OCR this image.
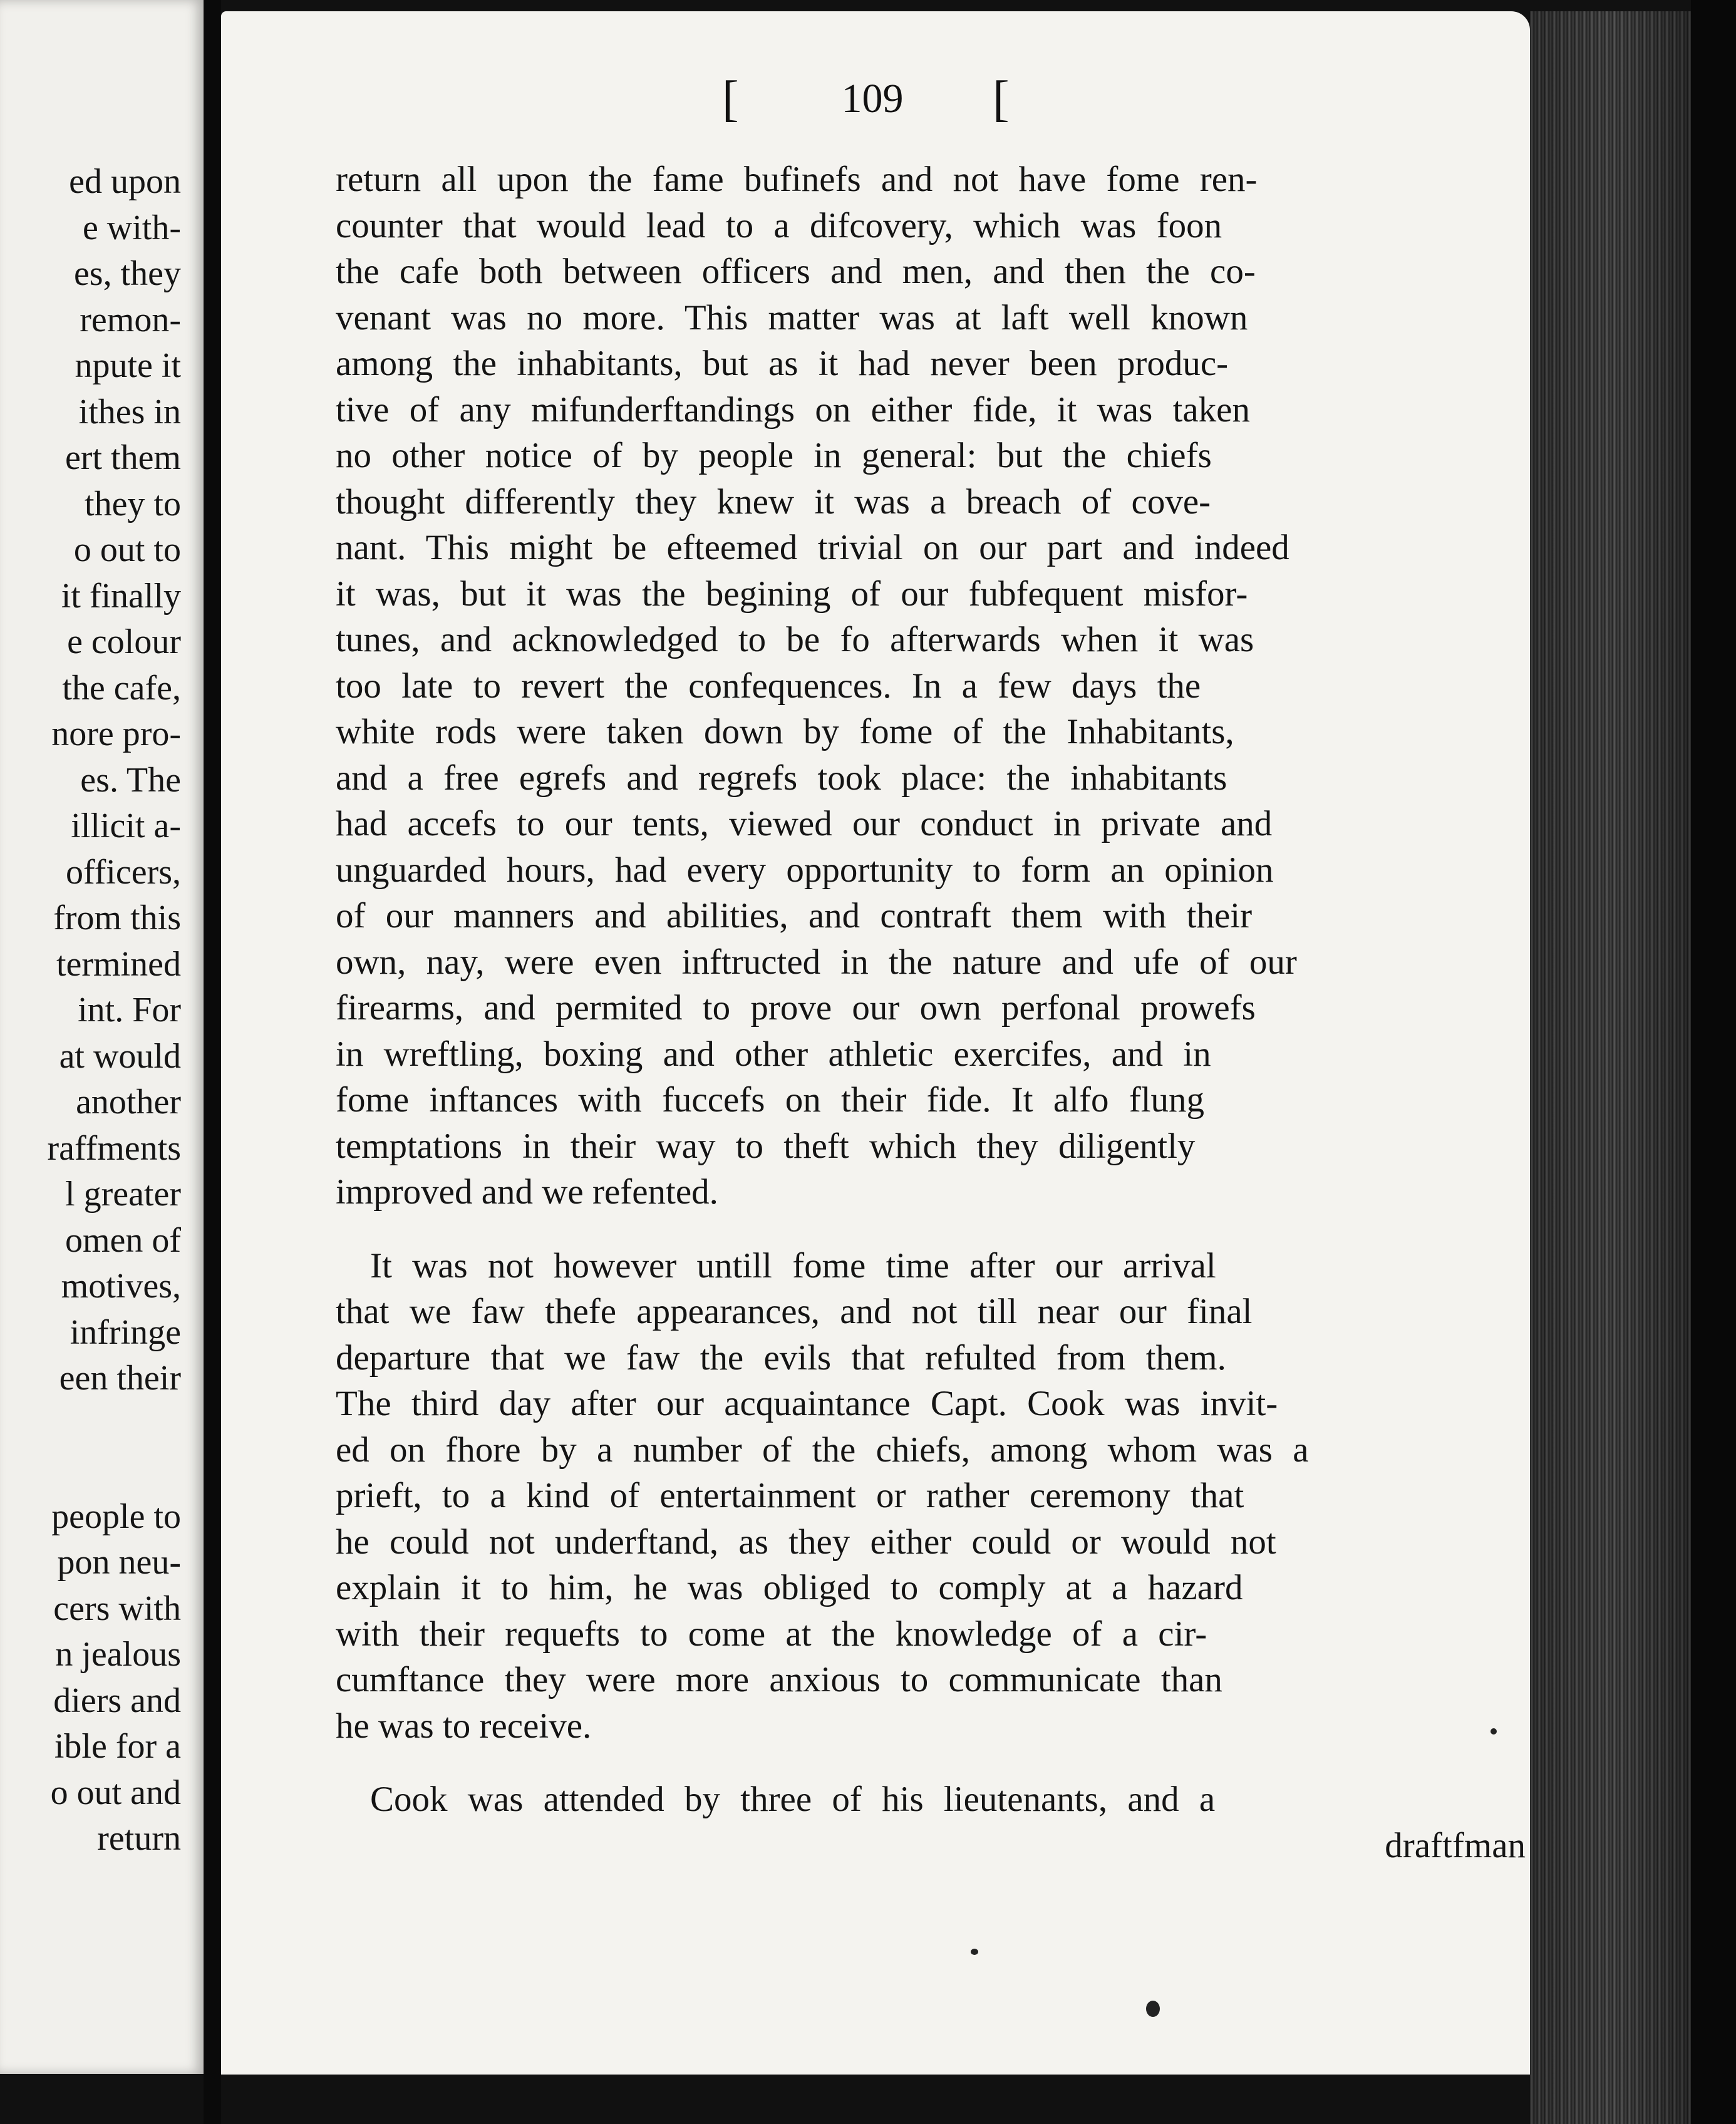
ed upon
e with-
es, they
remon-
npute it
ithes in
ert them
they to
o out to
it finally
e colour
the cafe,
nore pro-
es. The
illicit a-
officers,
from this
termined
int. For
at would
another
raffments
l greater
omen of
motives,
infringe
een their
people to
pon neu-
cers with
n jealous
diers and
ible for a
o out and
return
[	109	[
return all upon the fame bufinefs and not have fome ren-
counter that would lead to a difcovery, which was foon
the cafe both between officers and men, and then the co-
venant was no more. This matter was at laft well known
among the inhabitants, but as it had never been produc-
tive of any mifunderftandings on either fide, it was taken
no other notice of by people in general: but the chiefs
thought differently they knew it was a breach of cove-
nant. This might be efteemed trivial on our part and indeed
it was, but it was the begining of our fubfequent misfor-
tunes, and acknowledged to be fo afterwards when it was
too late to revert the confequences. In a few days the
white rods were taken down by fome of the Inhabitants,
and a free egrefs and regrefs took place: the inhabitants
had accefs to our tents, viewed our conduct in private and
unguarded hours, had every opportunity to form an opinion
of our manners and abilities, and contraft them with their
own, nay, were even inftructed in the nature and ufe of our
firearms, and permited to prove our own perfonal prowefs
in wreftling, boxing and other athletic exercifes, and in
fome inftances with fuccefs on their fide. It alfo flung
temptations in their way to theft which they diligently
improved and we refented.
It was not however untill fome time after our arrival
that we faw thefe appearances, and not till near our final
departure that we faw the evils that refulted from them.
The third day after our acquaintance Capt. Cook was invit-
ed on fhore by a number of the chiefs, among whom was a
prieft, to a kind of entertainment or rather ceremony that
he could not underftand, as they either could or would not
explain it to him, he was obliged to comply at a hazard
with their requefts to come at the knowledge of a cir-
cumftance they were more anxious to communicate than
he was to receive.
Cook was attended by three of his lieutenants, and a
draftfman
